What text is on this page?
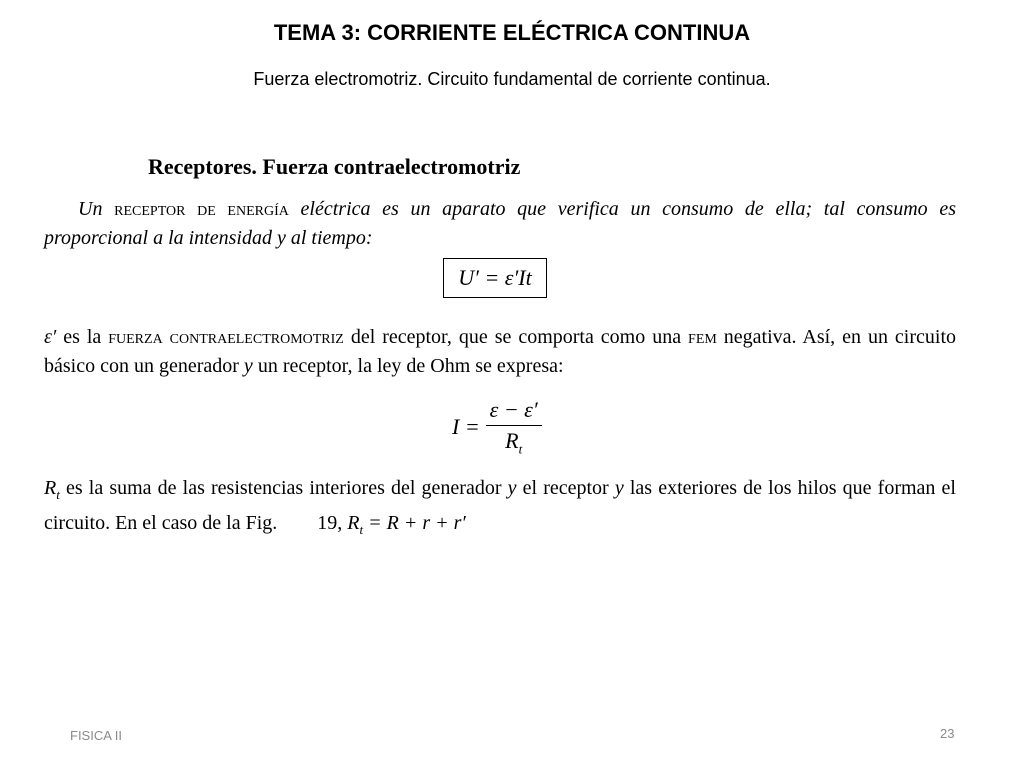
TEMA 3: CORRIENTE ELÉCTRICA CONTINUA
Fuerza electromotriz. Circuito fundamental de corriente continua.
Receptores. Fuerza contraelectromotriz
Un receptor de energía eléctrica es un aparato que verifica un consumo de ella; tal consumo es proporcional a la intensidad y al tiempo:
U′ = ε′It
ε′ es la fuerza contraelectromotriz del receptor, que se comporta como una fem negativa. Así, en un circuito básico con un generador y un receptor, la ley de Ohm se expresa:
$I = \frac{\varepsilon - \varepsilon'}{R_t}$
$R_t$ es la suma de las resistencias interiores del generador y el receptor y las exteriores de los hilos que forman el circuito. En el caso de la Fig.        19, $R_t = R + r + r'$
FISICA II	23
